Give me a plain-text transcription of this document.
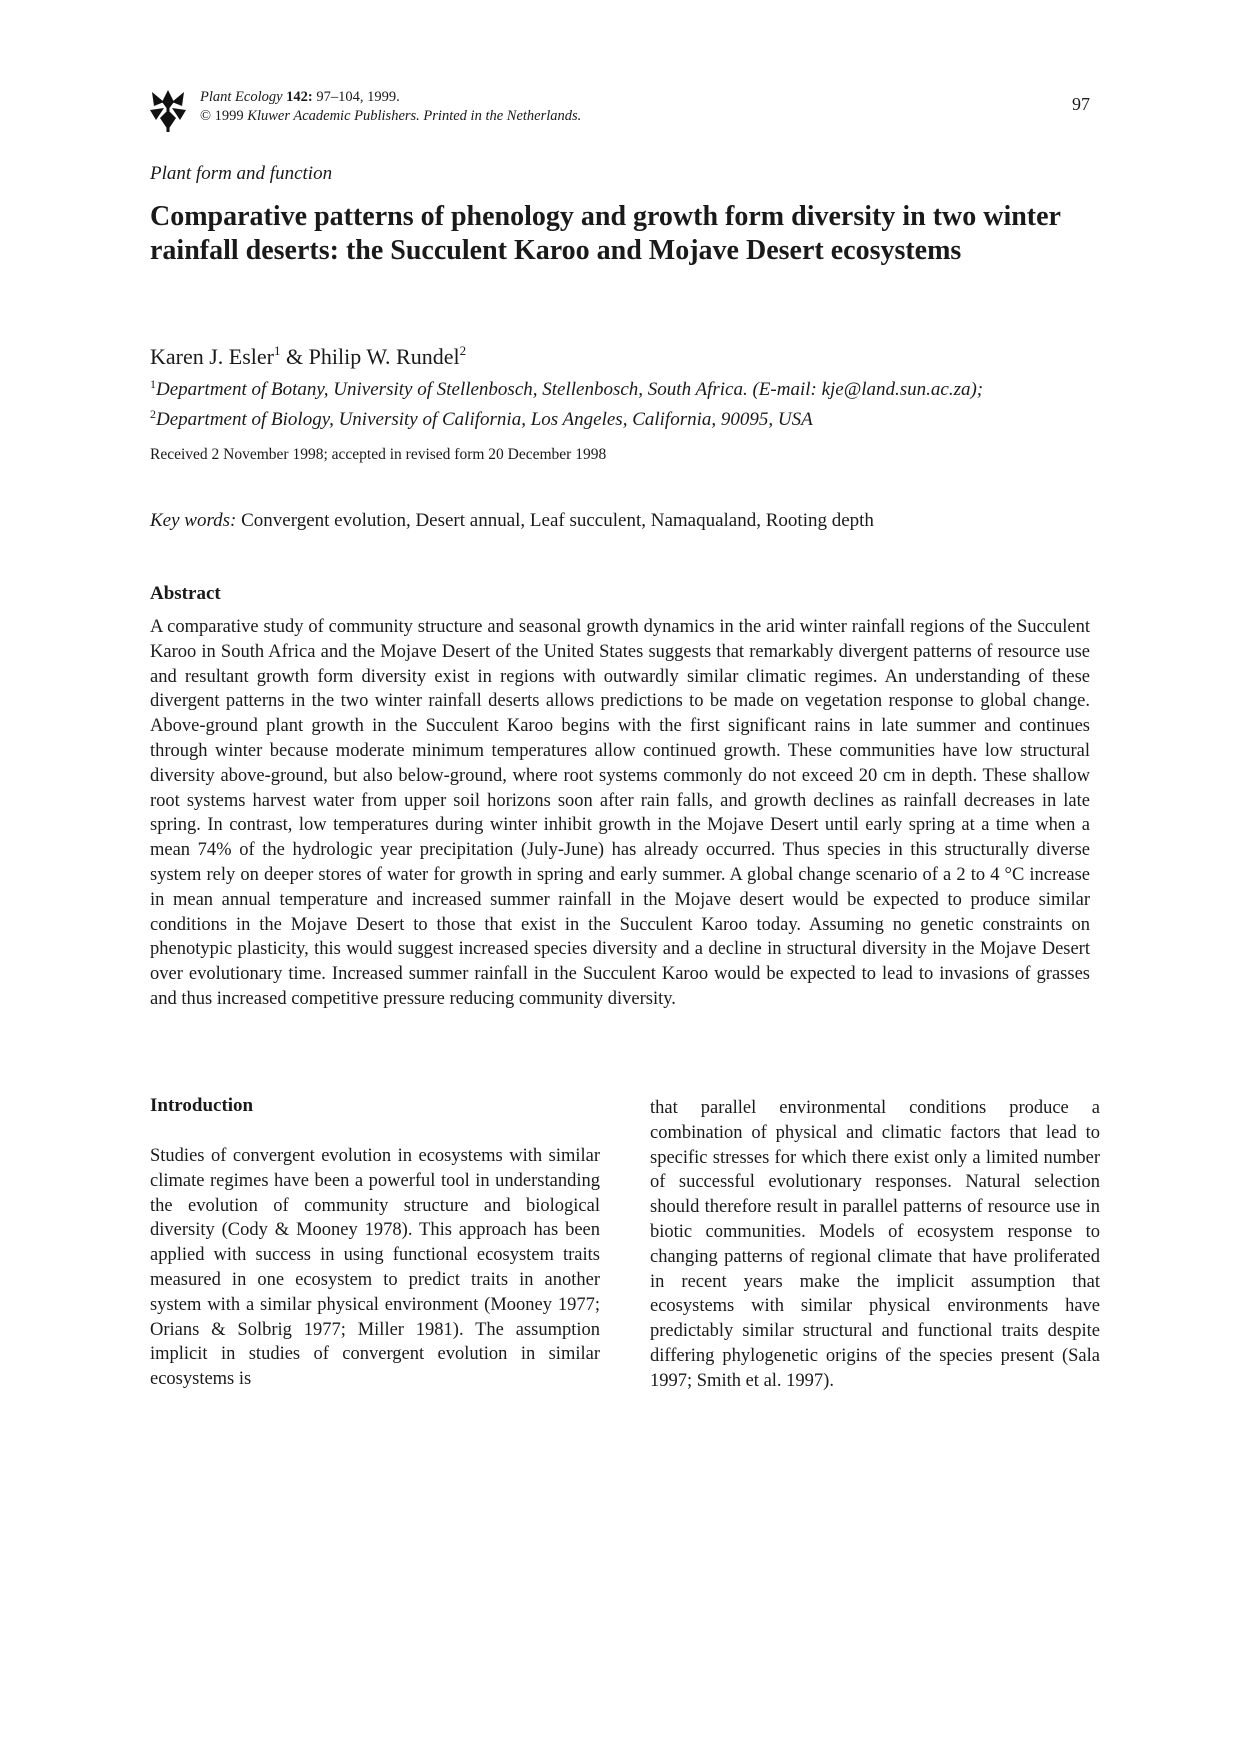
Plant Ecology 142: 97–104, 1999.
© 1999 Kluwer Academic Publishers. Printed in the Netherlands.
97
Plant form and function
Comparative patterns of phenology and growth form diversity in two winter rainfall deserts: the Succulent Karoo and Mojave Desert ecosystems
Karen J. Esler$^1$ & Philip W. Rundel$^2$
$^1$Department of Botany, University of Stellenbosch, Stellenbosch, South Africa. (E-mail: kje@land.sun.ac.za);
$^2$Department of Biology, University of California, Los Angeles, California, 90095, USA
Received 2 November 1998; accepted in revised form 20 December 1998
Key words: Convergent evolution, Desert annual, Leaf succulent, Namaqualand, Rooting depth
Abstract

A comparative study of community structure and seasonal growth dynamics in the arid winter rainfall regions of the Succulent Karoo in South Africa and the Mojave Desert of the United States suggests that remarkably divergent patterns of resource use and resultant growth form diversity exist in regions with outwardly similar climatic regimes. An understanding of these divergent patterns in the two winter rainfall deserts allows predictions to be made on vegetation response to global change. Above-ground plant growth in the Succulent Karoo begins with the first significant rains in late summer and continues through winter because moderate minimum temperatures allow continued growth. These communities have low structural diversity above-ground, but also below-ground, where root systems commonly do not exceed 20 cm in depth. These shallow root systems harvest water from upper soil horizons soon after rain falls, and growth declines as rainfall decreases in late spring. In contrast, low temperatures during winter inhibit growth in the Mojave Desert until early spring at a time when a mean 74% of the hydrologic year precipitation (July-June) has already occurred. Thus species in this structurally diverse system rely on deeper stores of water for growth in spring and early summer. A global change scenario of a 2 to 4 °C increase in mean annual temperature and increased summer rainfall in the Mojave desert would be expected to produce similar conditions in the Mojave Desert to those that exist in the Succulent Karoo today. Assuming no genetic constraints on phenotypic plasticity, this would suggest increased species diversity and a decline in structural diversity in the Mojave Desert over evolutionary time. Increased summer rainfall in the Succulent Karoo would be expected to lead to invasions of grasses and thus increased competitive pressure reducing community diversity.

Introduction

Studies of convergent evolution in ecosystems with similar climate regimes have been a powerful tool in understanding the evolution of community structure and biological diversity (Cody & Mooney 1978). This approach has been applied with success in using functional ecosystem traits measured in one ecosystem to predict traits in another system with a similar physical environment (Mooney 1977; Orians & Solbrig 1977; Miller 1981). The assumption implicit in studies of convergent evolution in similar ecosystems is

that parallel environmental conditions produce a combination of physical and climatic factors that lead to specific stresses for which there exist only a limited number of successful evolutionary responses. Natural selection should therefore result in parallel patterns of resource use in biotic communities. Models of ecosystem response to changing patterns of regional climate that have proliferated in recent years make the implicit assumption that ecosystems with similar physical environments have predictably similar structural and functional traits despite differing phylogenetic origins of the species present (Sala 1997; Smith et al. 1997).
